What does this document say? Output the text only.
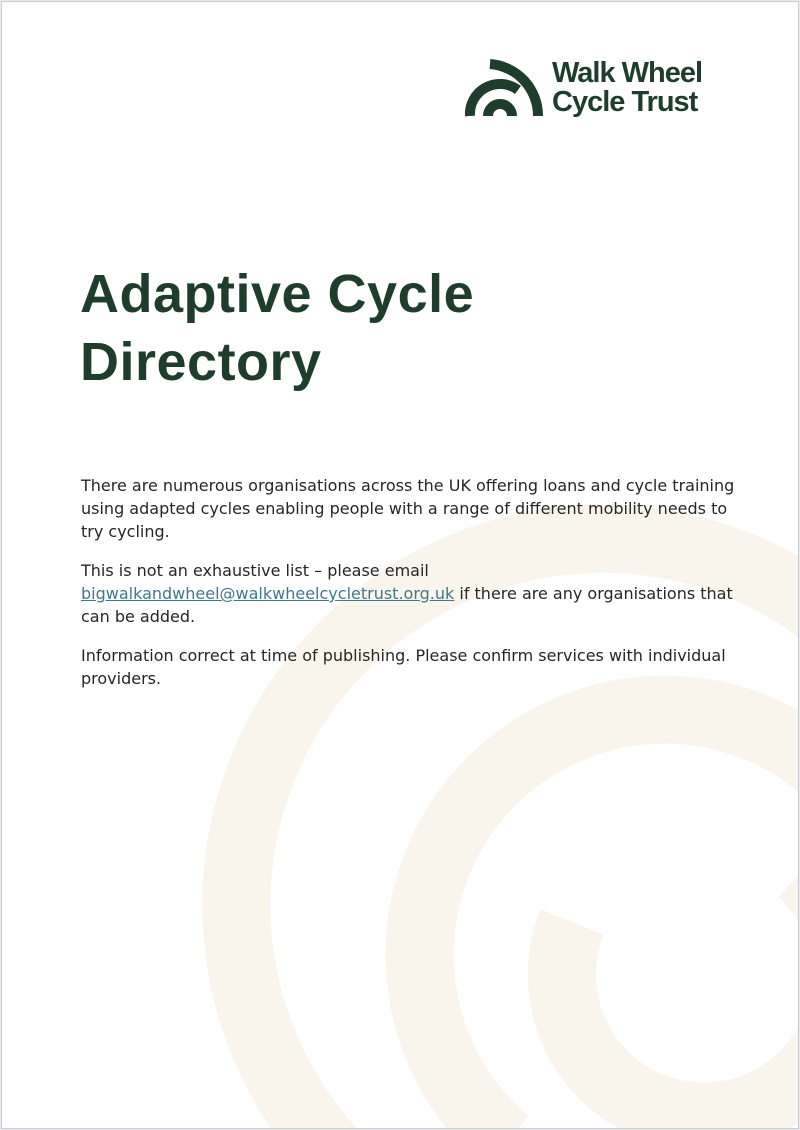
Walk Wheel
Cycle Trust
Adaptive Cycle
Directory

There are numerous organisations across the UK offering loans and cycle training using adapted cycles enabling people with a range of different mobility needs to try cycling.

This is not an exhaustive list – please email bigwalkandwheel@walkwheelcycletrust.org.uk if there are any organisations that can be added.

Information correct at time of publishing. Please confirm services with individual providers.
